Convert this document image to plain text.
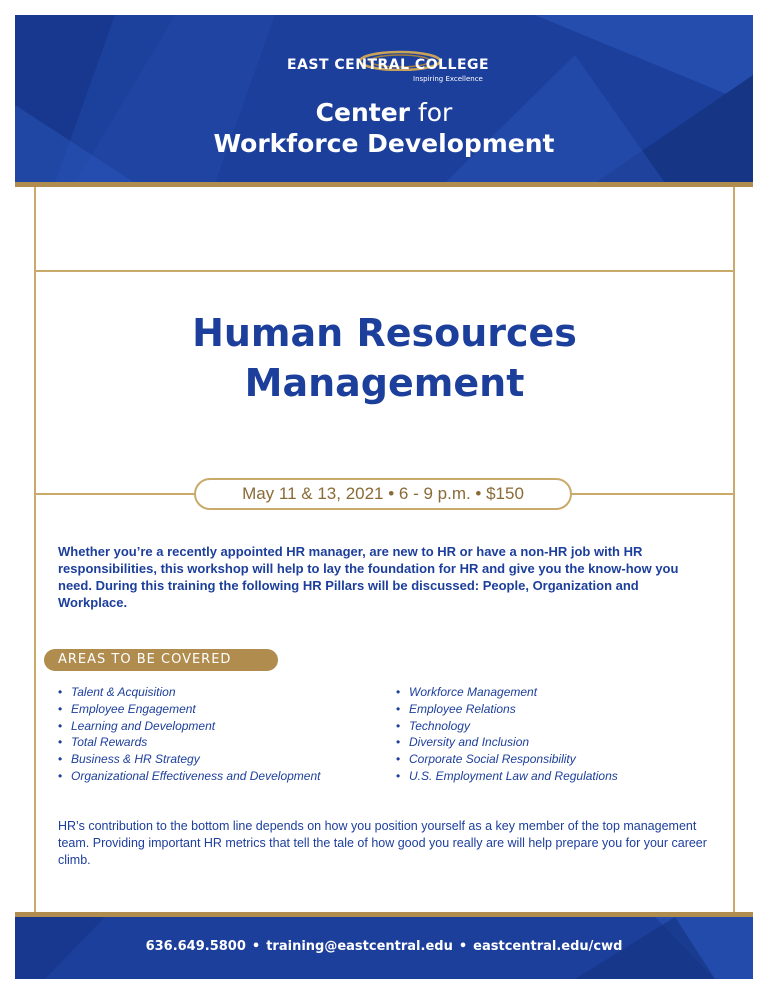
EAST CENTRAL COLLEGE
Inspiring Excellence
Center for
Workforce Development
Human Resources
Management
May 11 & 13, 2021 • 6 - 9 p.m. • $150
Whether you’re a recently appointed HR manager, are new to HR or have a non-HR job with HR responsibilities, this workshop will help to lay the foundation for HR and give you the know-how you need. During this training the following HR Pillars will be discussed: People, Organization and Workplace.
AREAS TO BE COVERED
• Talent & Acquisition
• Employee Engagement
• Learning and Development
• Total Rewards
• Business & HR Strategy
• Organizational Effectiveness and Development
• Workforce Management
• Employee Relations
• Technology
• Diversity and Inclusion
• Corporate Social Responsibility
• U.S. Employment Law and Regulations
HR’s contribution to the bottom line depends on how you position yourself as a key member of the top management team. Providing important HR metrics that tell the tale of how good you really are will help prepare you for your career climb.
636.649.5800 • training@eastcentral.edu • eastcentral.edu/cwd
